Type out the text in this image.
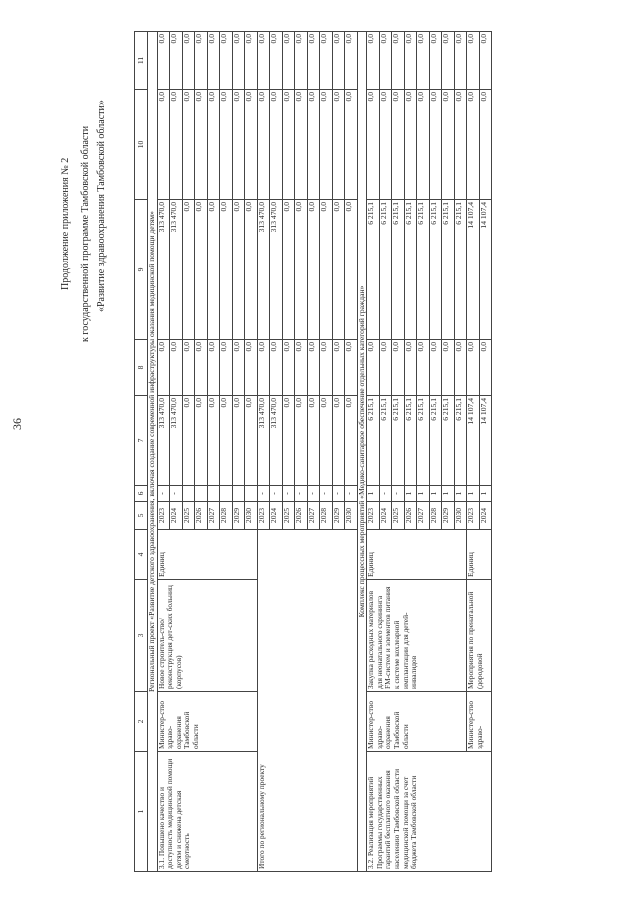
36
Продолжение приложения № 2 к государственной программе Тамбовской области «Развитие здравоохранения Тамбовской области»
1	2	3	4	5	6	7	8	9	10	11
Региональный проект «Развитие детского здравоохранения, включая создание современной инфраструктуры оказания медицинской помощи детям»										
3.1. Повышено качество и доступность медицинской помощи детям и снижена детская смертность	Министер-ство здраво-охранения Тамбовской области	Новое строитель-ство/реконструкция дет-ских больниц (корпусов)	Единиц	2023	-	313 470,0	0,0	313 470,0	0,0	0,0
				2024	-	313 470,0	0,0	313 470,0	0,0	0,0
				2025		0,0	0,0	0,0	0,0	0,0
				2026		0,0	0,0	0,0	0,0	0,0
				2027		0,0	0,0	0,0	0,0	0,0
				2028		0,0	0,0	0,0	0,0	0,0
				2029		0,0	0,0	0,0	0,0	0,0
				2030		0,0	0,0	0,0	0,0	0,0
Итого по региональному проекту				2023	-	313 470,0	0,0	313 470,0	0,0	0,0
				2024	-	313 470,0	0,0	313 470,0	0,0	0,0
				2025	-	0,0	0,0	0,0	0,0	0,0
				2026	-	0,0	0,0	0,0	0,0	0,0
				2027	-	0,0	0,0	0,0	0,0	0,0
				2028	-	0,0	0,0	0,0	0,0	0,0
				2029	-	0,0	0,0	0,0	0,0	0,0
				2030	-	0,0	0,0	0,0	0,0	0,0
Комплекс процессных мероприятий «Медико-санитарное обеспечение отдельных категорий граждан»										
3.2. Реализация мероприятий Программы государственных гарантий бесплатного оказания населению Тамбовской области медицинской помощи за счет бюджета Тамбовской области	Министер-ство здраво-охранения Тамбовской области	Закупка расходных материалов для неонатального скрининга FM-систем и элементов питания к системе кохлеарной имплантации для детей-инвалидов	Единиц	2023	1	6 215,1	0,0	6 215,1	0,0	0,0
				2024	-	6 215,1	0,0	6 215,1	0,0	0,0
				2025	-	6 215,1	0,0	6 215,1	0,0	0,0
				2026	1	6 215,1	0,0	6 215,1	0,0	0,0
				2027	1	6 215,1	0,0	6 215,1	0,0	0,0
				2028	1	6 215,1	0,0	6 215,1	0,0	0,0
				2029	1	6 215,1	0,0	6 215,1	0,0	0,0
				2030	1	6 215,1	0,0	6 215,1	0,0	0,0
	Министер-ство здраво-	Мероприятия по пренатальной (дородовой	Единиц	2023	1	14 107,4	0,0	14 107,4	0,0	0,0
				2024	1	14 107,4	0,0	14 107,4	0,0	0,0
